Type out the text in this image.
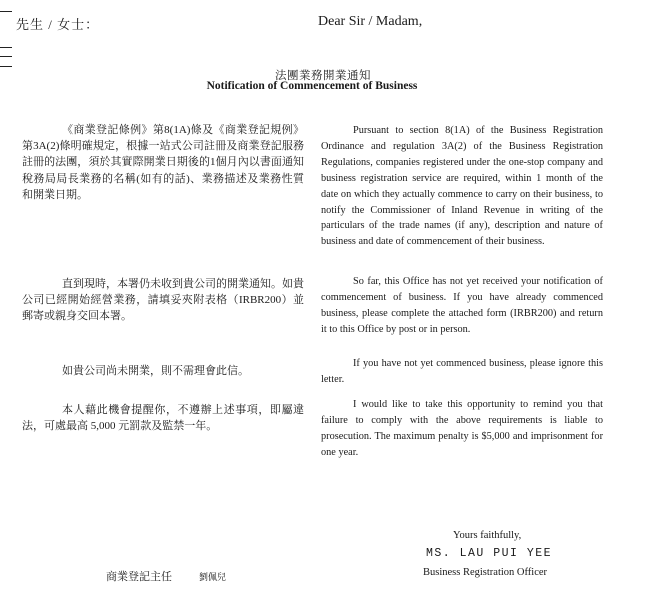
先生 / 女士：	Dear Sir / Madam,
法團業務開業通知
Notification of Commencement of Business
《商業登記條例》第8(1A)條及《商業登記規例》第3A(2)條明確規定，根據一站式公司註冊及商業登記服務註冊的法團，須於其實際開業日期後的1個月內以書面通知稅務局局長業務的名稱(如有的話)、業務描述及業務性質和開業日期。
Pursuant to section 8(1A) of the Business Registration Ordinance and regulation 3A(2) of the Business Registration Regulations, companies registered under the one-stop company and business registration service are required, within 1 month of the date on which they actually commence to carry on their business, to notify the Commissioner of Inland Revenue in writing of the particulars of the trade names (if any), description and nature of business and date of commencement of their business.
直到現時，本署仍未收到貴公司的開業通知。如貴公司已經開始經營業務，請填妥夾附表格（IRBR200）並郵寄或親身交回本署。
So far, this Office has not yet received your notification of commencement of business. If you have already commenced business, please complete the attached form (IRBR200) and return it to this Office by post or in person.
如貴公司尚未開業，則不需理會此信。
If you have not yet commenced business, please ignore this letter.
本人藉此機會提醒你，不遵辦上述事項，即屬違法，可處最高 5,000 元罰款及監禁一年。
I would like to take this opportunity to remind you that failure to comply with the above requirements is liable to prosecution. The maximum penalty is $5,000 and imprisonment for one year.
Yours faithfully,
MS. LAU PUI YEE
Business Registration Officer
商業登記主任	劉佩兒
